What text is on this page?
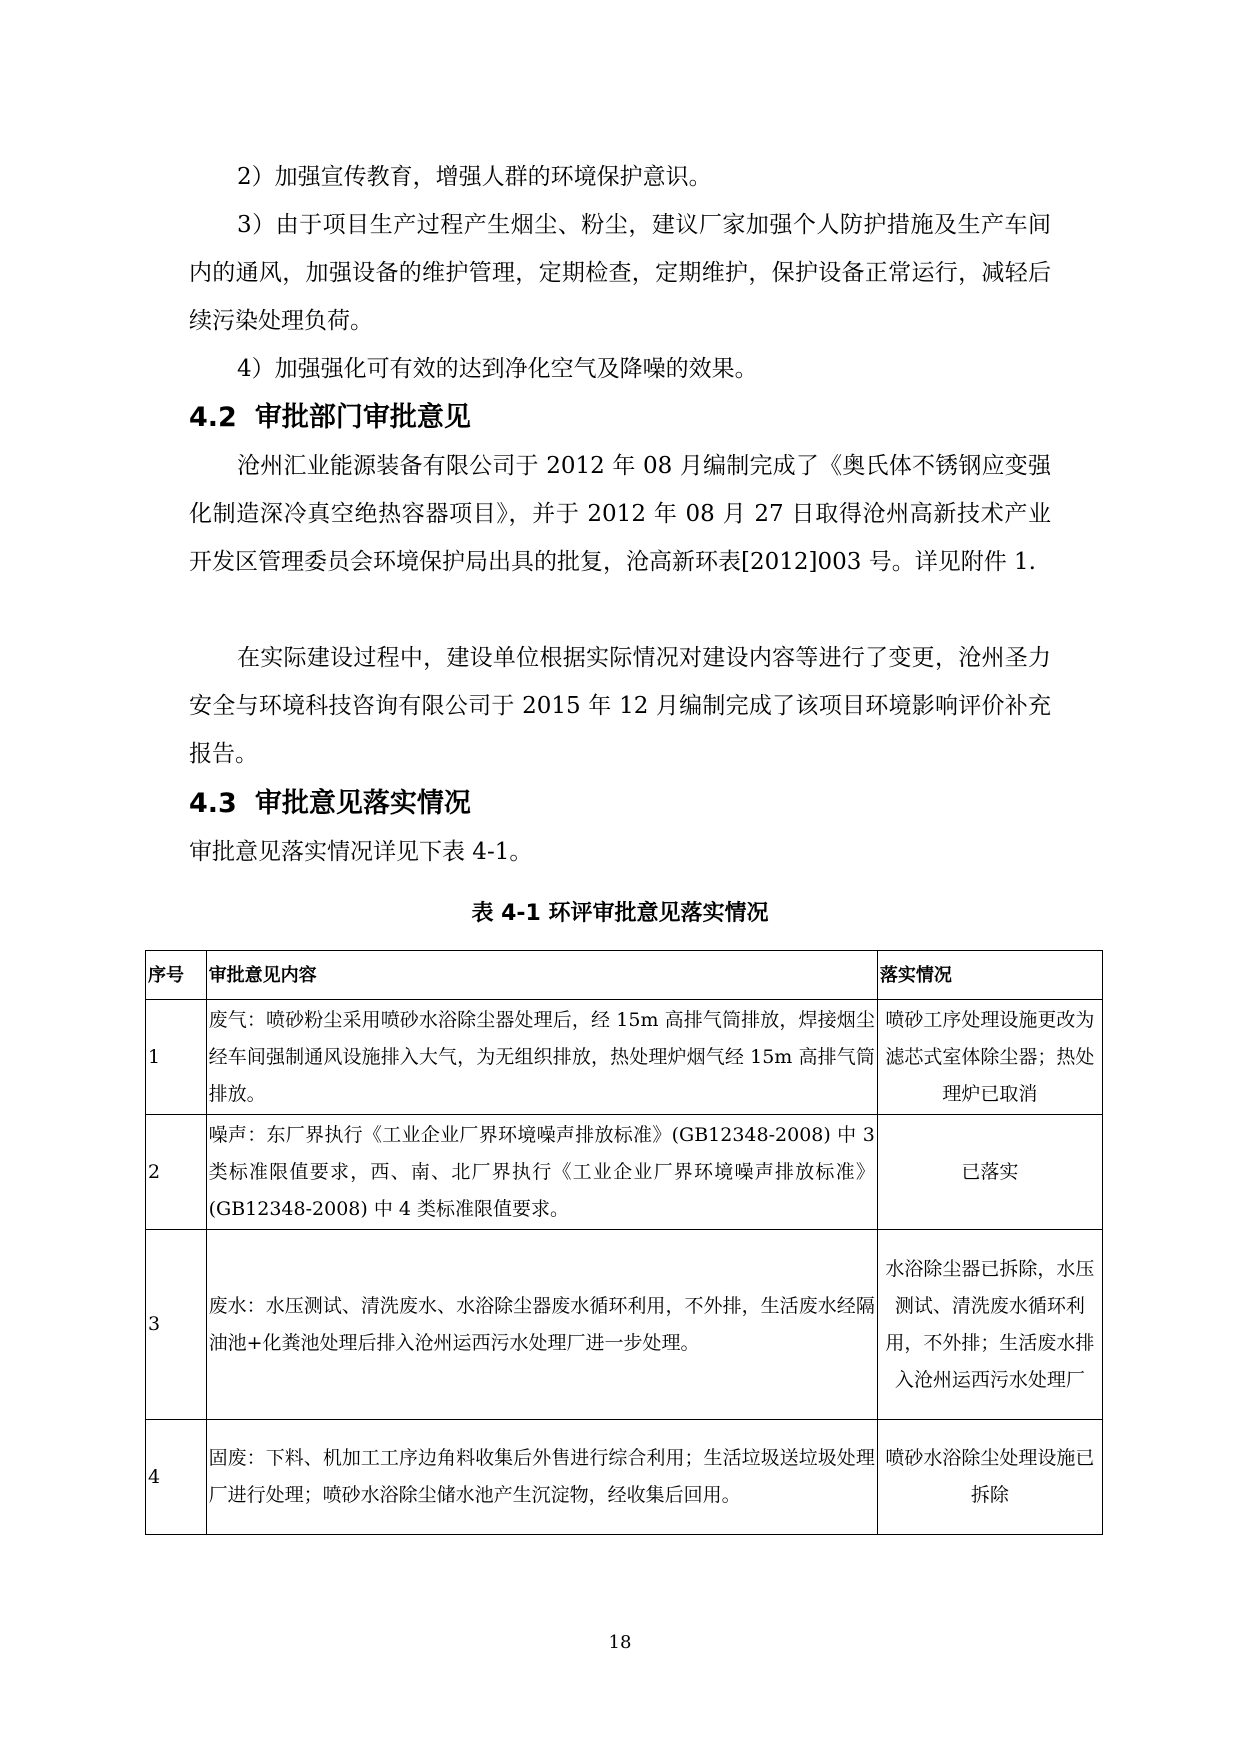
2）加强宣传教育，增强人群的环境保护意识。
3）由于项目生产过程产生烟尘、粉尘，建议厂家加强个人防护措施及生产车间内的通风，加强设备的维护管理，定期检查，定期维护，保护设备正常运行，减轻后续污染处理负荷。
4）加强强化可有效的达到净化空气及降噪的效果。
4.2 审批部门审批意见
沧州汇业能源装备有限公司于 2012 年 08 月编制完成了《奥氏体不锈钢应变强化制造深冷真空绝热容器项目》，并于 2012 年 08 月 27 日取得沧州高新技术产业开发区管理委员会环境保护局出具的批复，沧高新环表[2012]003 号。详见附件 1.
在实际建设过程中，建设单位根据实际情况对建设内容等进行了变更，沧州圣力安全与环境科技咨询有限公司于 2015 年 12 月编制完成了该项目环境影响评价补充报告。
4.3 审批意见落实情况
审批意见落实情况详见下表 4-1。
表 4-1 环评审批意见落实情况
序号	审批意见内容	落实情况
1	废气：喷砂粉尘采用喷砂水浴除尘器处理后，经 15m 高排气筒排放，焊接烟尘经车间强制通风设施排入大气，为无组织排放，热处理炉烟气经 15m 高排气筒排放。	喷砂工序处理设施更改为滤芯式室体除尘器；热处理炉已取消
2	噪声：东厂界执行《工业企业厂界环境噪声排放标准》(GB12348-2008) 中 3 类标准限值要求，西、南、北厂界执行《工业企业厂界环境噪声排放标准》(GB12348-2008) 中 4 类标准限值要求。	已落实
3	废水：水压测试、清洗废水、水浴除尘器废水循环利用，不外排，生活废水经隔油池+化粪池处理后排入沧州运西污水处理厂进一步处理。	水浴除尘器已拆除，水压测试、清洗废水循环利用，不外排；生活废水排入沧州运西污水处理厂
4	固废：下料、机加工工序边角料收集后外售进行综合利用；生活垃圾送垃圾处理厂进行处理；喷砂水浴除尘储水池产生沉淀物，经收集后回用。	喷砂水浴除尘处理设施已拆除
18
